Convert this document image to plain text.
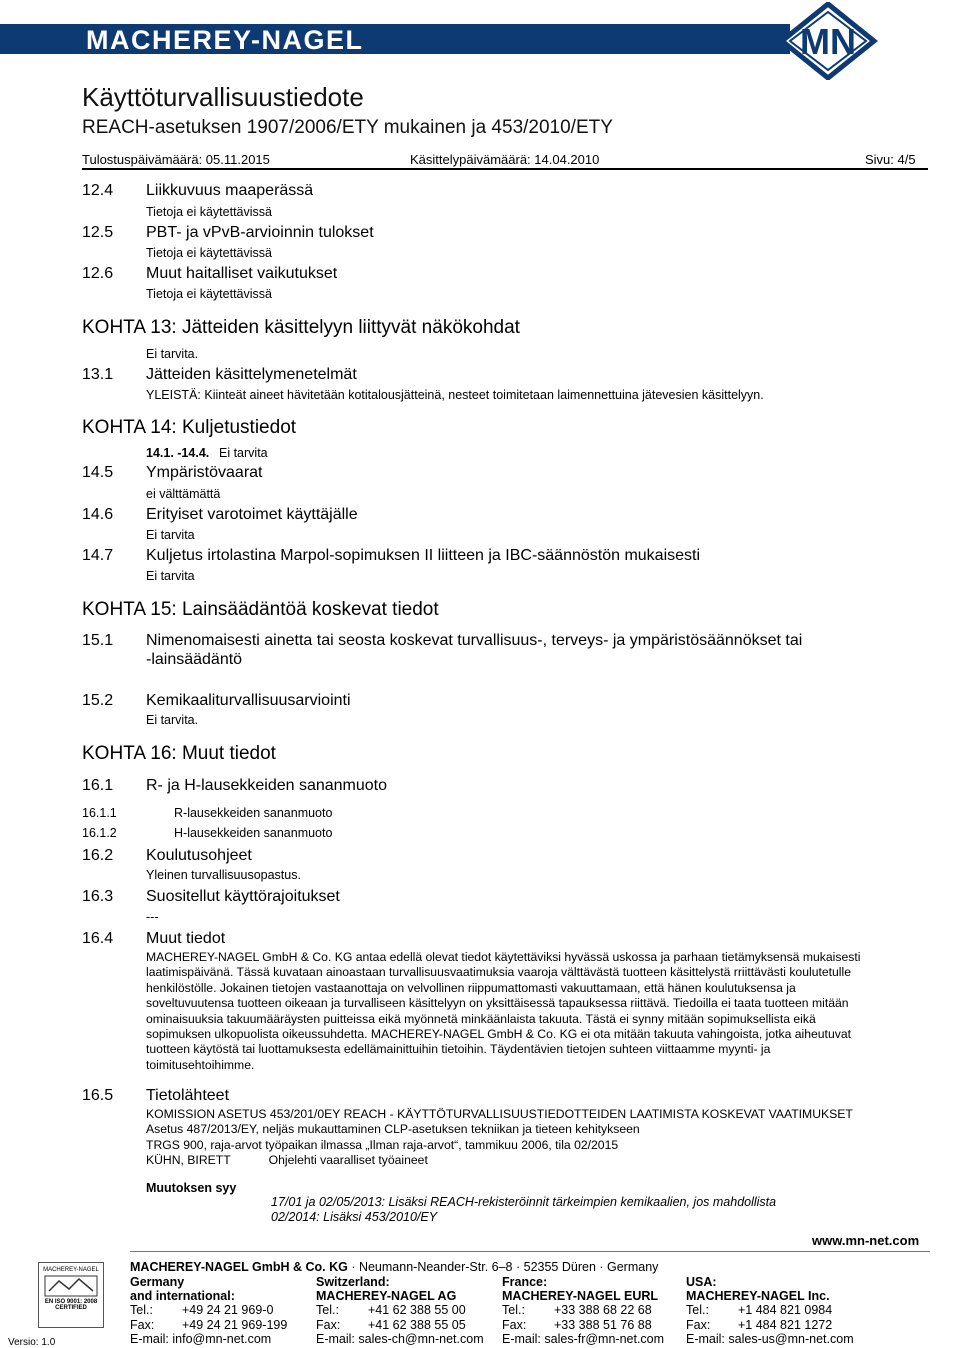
MACHEREY-NAGEL	MN
Käyttöturvallisuustiedote
REACH-asetuksen 1907/2006/ETY mukainen ja 453/2010/ETY
Tulostuspäivämäärä: 05.11.2015	Käsittelypäivämäärä: 14.04.2010	Sivu: 4/5
12.4 Liikkuvuus maaperässä
Tietoja ei käytettävissä
12.5 PBT- ja vPvB-arvioinnin tulokset
Tietoja ei käytettävissä
12.6 Muut haitalliset vaikutukset
Tietoja ei käytettävissä
KOHTA 13: Jätteiden käsittelyyn liittyvät näkökohdat
Ei tarvita.
13.1 Jätteiden käsittelymenetelmät
YLEISTÄ: Kiinteät aineet hävitetään kotitalousjätteinä, nesteet toimitetaan laimennettuina jätevesien käsittelyyn.
KOHTA 14: Kuljetustiedot
14.1. -14.4. Ei tarvita
14.5 Ympäristövaarat
ei välttämättä
14.6 Erityiset varotoimet käyttäjälle
Ei tarvita
14.7 Kuljetus irtolastina Marpol-sopimuksen II liitteen ja IBC-säännöstön mukaisesti
Ei tarvita
KOHTA 15: Lainsäädäntöä koskevat tiedot
15.1 Nimenomaisesti ainetta tai seosta koskevat turvallisuus-, terveys- ja ympäristösäännökset tai
-lainsäädäntö
15.2 Kemikaaliturvallisuusarviointi
Ei tarvita.
KOHTA 16: Muut tiedot
16.1 R- ja H-lausekkeiden sananmuoto
16.1.1	R-lausekkeiden sananmuoto
16.1.2	H-lausekkeiden sananmuoto
16.2 Koulutusohjeet
Yleinen turvallisuusopastus.
16.3 Suositellut käyttörajoitukset
---
16.4 Muut tiedot
MACHEREY-NAGEL GmbH & Co. KG antaa edellä olevat tiedot käytettäviksi hyvässä uskossa ja parhaan tietämyksensä mukaisesti
laatimispäivänä. Tässä kuvataan ainoastaan turvallisuusvaatimuksia vaaroja välttävästä tuotteen käsittelystä rriittävästi koulutetulle
henkilöstölle. Jokainen tietojen vastaanottaja on velvollinen riippumattomasti vakuuttamaan, että hänen koulutuksensa ja
soveltuvuutensa tuotteen oikeaan ja turvalliseen käsittelyyn on yksittäisessä tapauksessa riittävä. Tiedoilla ei taata tuotteen mitään
ominaisuuksia takuumääräysten puitteissa eikä myönnetä minkäänlaista takuuta. Tästä ei synny mitään sopimuksellista eikä
sopimuksen ulkopuolista oikeussuhdetta. MACHEREY-NAGEL GmbH & Co. KG ei ota mitään takuuta vahingoista, jotka aiheutuvat
tuotteen käytöstä tai luottamuksesta edellämainittuihin tietoihin. Täydentävien tietojen suhteen viittaamme myynti- ja
toimitusehtoihimme.
16.5 Tietolähteet
KOMISSION ASETUS 453/201/0EY REACH - KÄYTTÖTURVALLISUUSTIEDOTTEIDEN LAATIMISTA KOSKEVAT VAATIMUKSET
Asetus 487/2013/EY, neljäs mukauttaminen CLP-asetuksen tekniikan ja tieteen kehitykseen
TRGS 900, raja-arvot työpaikan ilmassa „Ilman raja-arvot“, tammikuu 2006, tila 02/2015
KÜHN, BIRETT	Ohjelehti vaaralliset työaineet
Muutoksen syy
17/01 ja 02/05/2013: Lisäksi REACH-rekisteröinnit tärkeimpien kemikaalien, jos mahdollista
02/2014: Lisäksi 453/2010/EY
www.mn-net.com
MACHEREY-NAGEL GmbH & Co. KG · Neumann-Neander-Str. 6–8 · 52355 Düren · Germany
MACHEREY-NAGEL
EN ISO 9001: 2008
CERTIFIED
Versio: 1.0
Germany
and international:
Tel.:	+49 24 21 969-0
Fax:	+49 24 21 969-199
E-mail:
info@mn-net.com
Switzerland:
MACHEREY-NAGEL AG
Tel.:	+41 62 388 55 00
Fax:	+41 62 388 55 05
E-mail:
sales-ch@mn-net.com
France:
MACHEREY-NAGEL EURL
Tel.:	+33 388 68 22 68
Fax:	+33 388 51 76 88
E-mail:
sales-fr@mn-net.com
USA:
MACHEREY-NAGEL Inc.
Tel.:	+1 484 821 0984
Fax:	+1 484 821 1272
E-mail:
sales-us@mn-net.com
